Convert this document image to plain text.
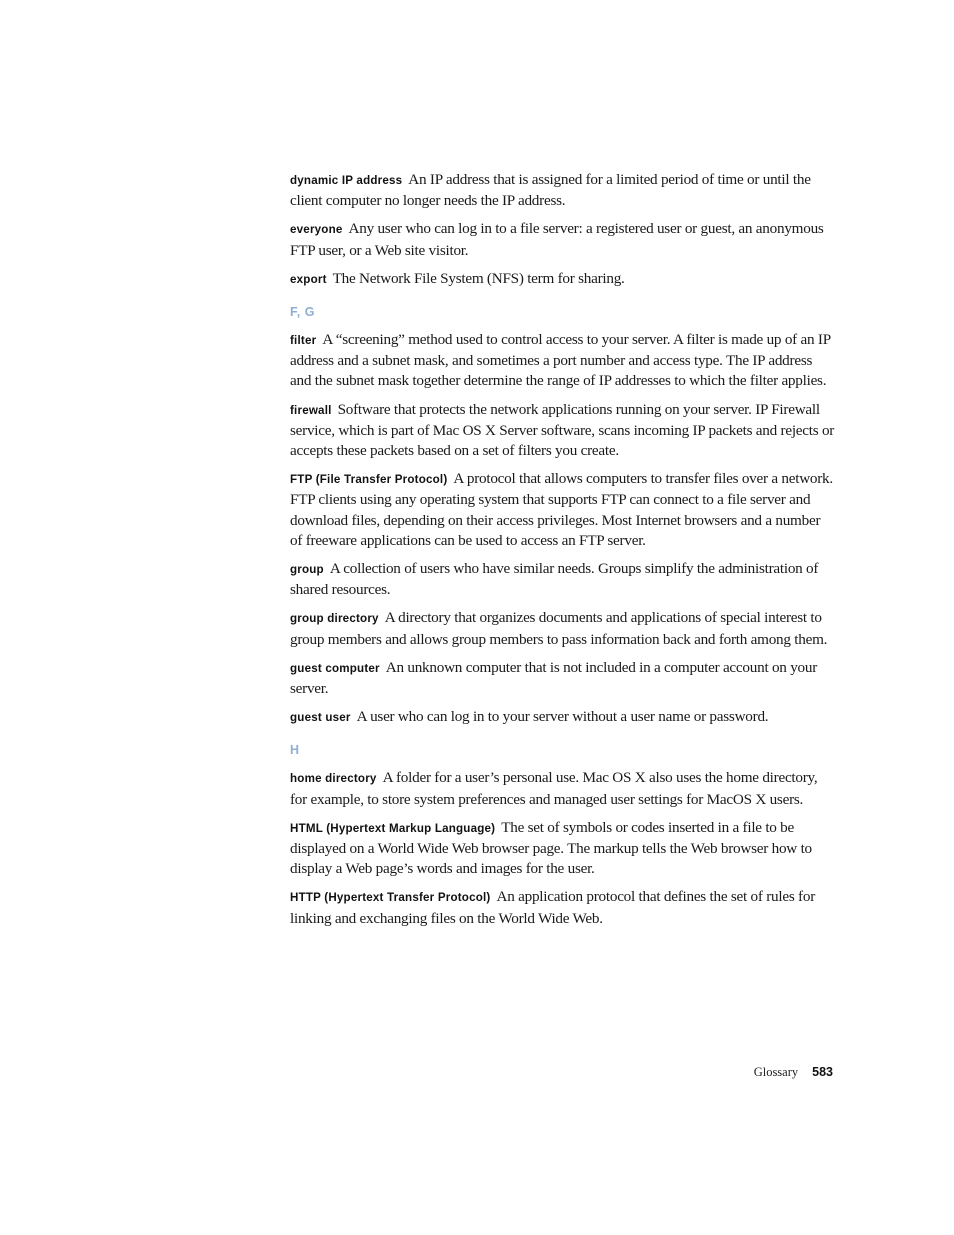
dynamic IP address An IP address that is assigned for a limited period of time or until the client computer no longer needs the IP address.

everyone Any user who can log in to a file server: a registered user or guest, an anonymous FTP user, or a Web site visitor.

export The Network File System (NFS) term for sharing.

F, G

filter A “screening” method used to control access to your server. A filter is made up of an IP address and a subnet mask, and sometimes a port number and access type. The IP address and the subnet mask together determine the range of IP addresses to which the filter applies.

firewall Software that protects the network applications running on your server. IP Firewall service, which is part of Mac OS X Server software, scans incoming IP packets and rejects or accepts these packets based on a set of filters you create.

FTP (File Transfer Protocol) A protocol that allows computers to transfer files over a network. FTP clients using any operating system that supports FTP can connect to a file server and download files, depending on their access privileges. Most Internet browsers and a number of freeware applications can be used to access an FTP server.

group A collection of users who have similar needs. Groups simplify the administration of shared resources.

group directory A directory that organizes documents and applications of special interest to group members and allows group members to pass information back and forth among them.

guest computer An unknown computer that is not included in a computer account on your server.

guest user A user who can log in to your server without a user name or password.

H

home directory A folder for a user’s personal use. Mac OS X also uses the home directory, for example, to store system preferences and managed user settings for MacOS X users.

HTML (Hypertext Markup Language) The set of symbols or codes inserted in a file to be displayed on a World Wide Web browser page. The markup tells the Web browser how to display a Web page’s words and images for the user.

HTTP (Hypertext Transfer Protocol) An application protocol that defines the set of rules for linking and exchanging files on the World Wide Web.

Glossary 583
